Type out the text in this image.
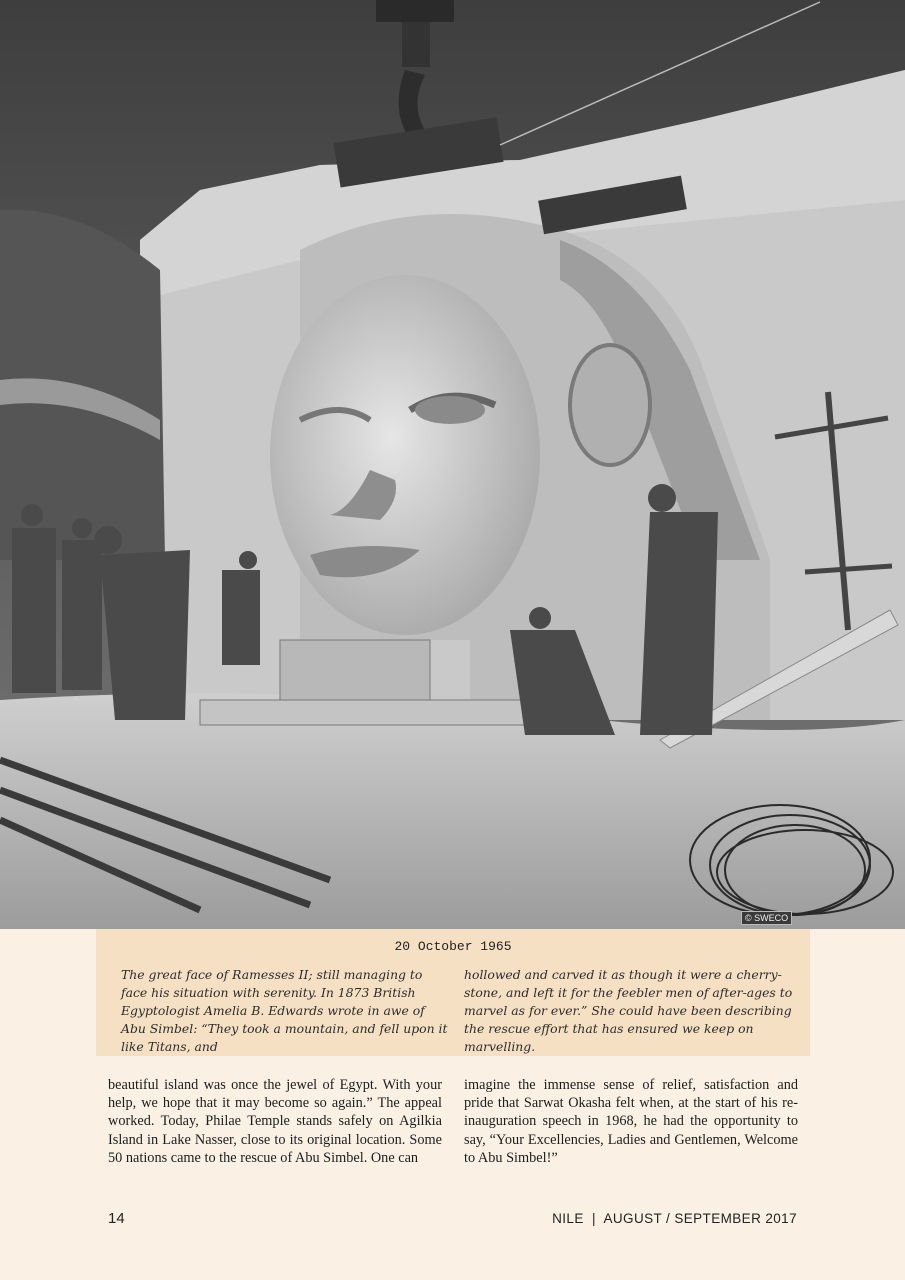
© SWECO
20 October 1965
The great face of Ramesses II; still managing to face his situation with serenity. In 1873 British Egyptologist Amelia B. Edwards wrote in awe of Abu Simbel: “They took a mountain, and fell upon it like Titans, and
hollowed and carved it as though it were a cherry-stone, and left it for the feebler men of after-ages to marvel as for ever.” She could have been describing the rescue effort that has ensured we keep on marvelling.
beautiful island was once the jewel of Egypt. With your help, we hope that it may become so again.” The appeal worked. Today, Philae Temple stands safely on Agilkia Island in Lake Nasser, close to its original location. Some 50 nations came to the rescue of Abu Simbel. One can
imagine the immense sense of relief, satisfaction and pride that Sarwat Okasha felt when, at the start of his re-inauguration speech in 1968, he had the opportunity to say, “Your Excellencies, Ladies and Gentlemen, Welcome to Abu Simbel!”
14	NILE  |  AUGUST / SEPTEMBER 2017
